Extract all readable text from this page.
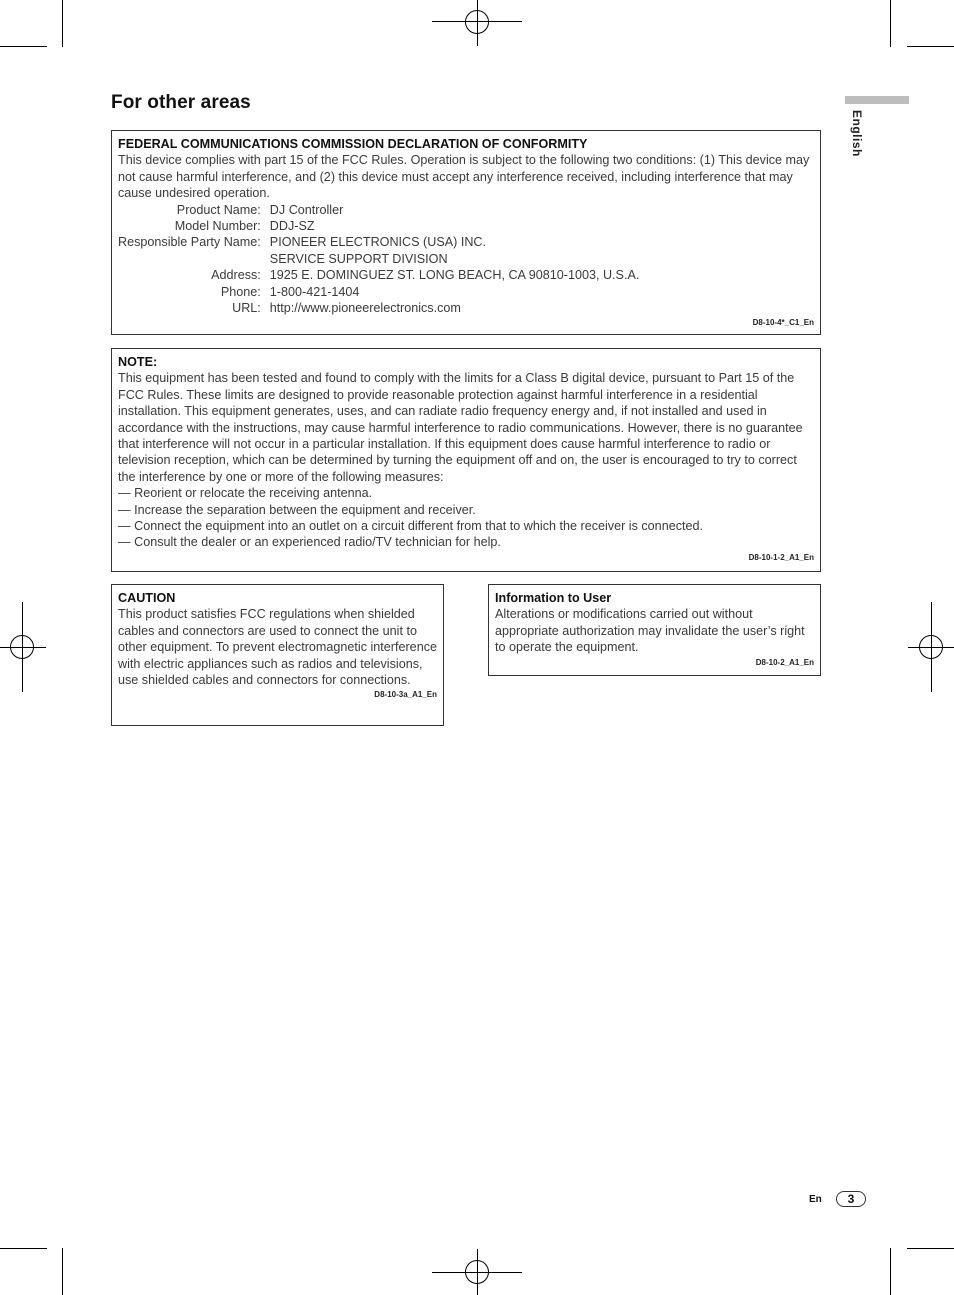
For other areas
English
FEDERAL COMMUNICATIONS COMMISSION DECLARATION OF CONFORMITY

This device complies with part 15 of the FCC Rules. Operation is subject to the following two conditions: (1) This device may not cause harmful interference, and (2) this device must accept any interference received, including interference that may cause undesired operation.

Product Name:	DJ Controller
Model Number:	DDJ-SZ
Responsible Party Name:	PIONEER ELECTRONICS (USA) INC.
	SERVICE SUPPORT DIVISION
Address:	1925 E. DOMINGUEZ ST. LONG BEACH, CA 90810-1003, U.S.A.
Phone:	1-800-421-1404
URL:	http://www.pioneerelectronics.com
D8-10-4*_C1_En
NOTE:

This equipment has been tested and found to comply with the limits for a Class B digital device, pursuant to Part 15 of the FCC Rules. These limits are designed to provide reasonable protection against harmful interference in a residential installation. This equipment generates, uses, and can radiate radio frequency energy and, if not installed and used in accordance with the instructions, may cause harmful interference to radio communications. However, there is no guarantee that interference will not occur in a particular installation. If this equipment does cause harmful interference to radio or television reception, which can be determined by turning the equipment off and on, the user is encouraged to try to correct the interference by one or more of the following measures:

— Reorient or relocate the receiving antenna.

— Increase the separation between the equipment and receiver.

— Connect the equipment into an outlet on a circuit different from that to which the receiver is connected.

— Consult the dealer or an experienced radio/TV technician for help.

D8-10-1-2_A1_En
CAUTION

This product satisfies FCC regulations when shielded cables and connectors are used to connect the unit to other equipment. To prevent electromagnetic interference with electric appliances such as radios and televisions, use shielded cables and connectors for connections.

D8-10-3a_A1_En
Information to User

Alterations or modifications carried out without appropriate authorization may invalidate the user’s right to operate the equipment.

D8-10-2_A1_En
En	3
